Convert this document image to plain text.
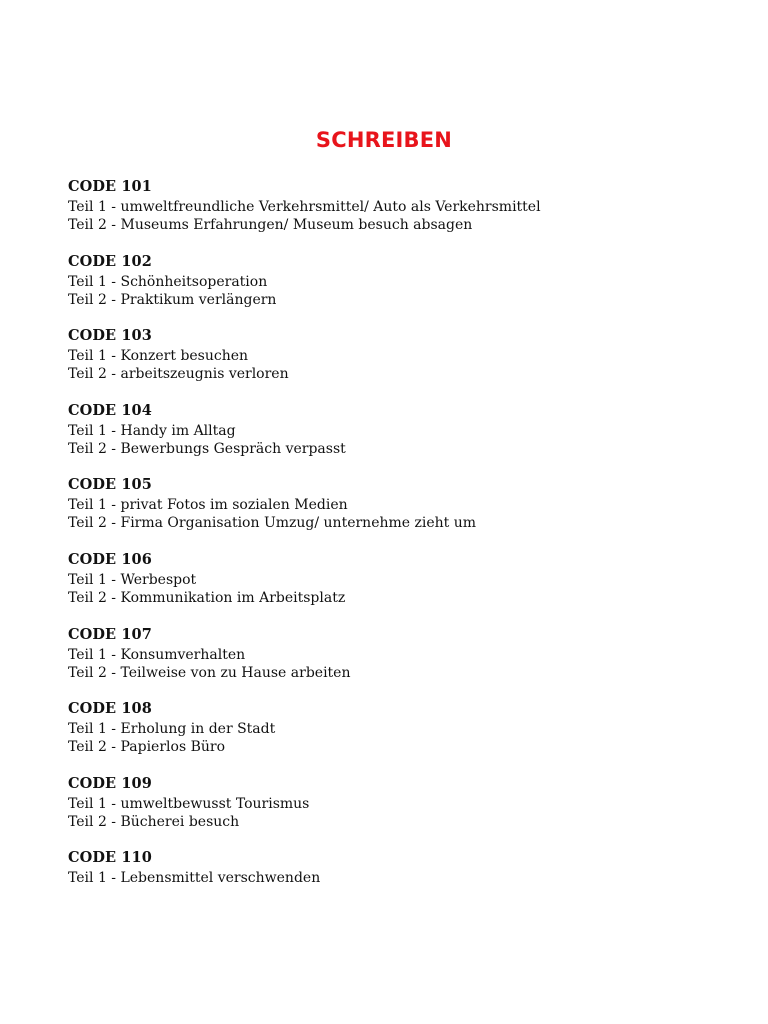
SCHREIBEN
CODE 101
Teil 1 - umweltfreundliche Verkehrsmittel/ Auto als Verkehrsmittel
Teil 2 - Museums Erfahrungen/ Museum besuch absagen
CODE 102
Teil 1 - Schönheitsoperation
Teil 2 - Praktikum verlängern
CODE 103
Teil 1 - Konzert besuchen
Teil 2 - arbeitszeugnis verloren
CODE 104
Teil 1 - Handy im Alltag
Teil 2 - Bewerbungs Gespräch verpasst
CODE 105
Teil 1 - privat Fotos im sozialen Medien
Teil 2 - Firma Organisation Umzug/ unternehme zieht um
CODE 106
Teil 1 - Werbespot
Teil 2 - Kommunikation im Arbeitsplatz
CODE 107
Teil 1 - Konsumverhalten
Teil 2 - Teilweise von zu Hause arbeiten
CODE 108
Teil 1 - Erholung in der Stadt
Teil 2 - Papierlos Büro
CODE 109
Teil 1 - umweltbewusst Tourismus
Teil 2 - Bücherei besuch
CODE 110
Teil 1 - Lebensmittel verschwenden
